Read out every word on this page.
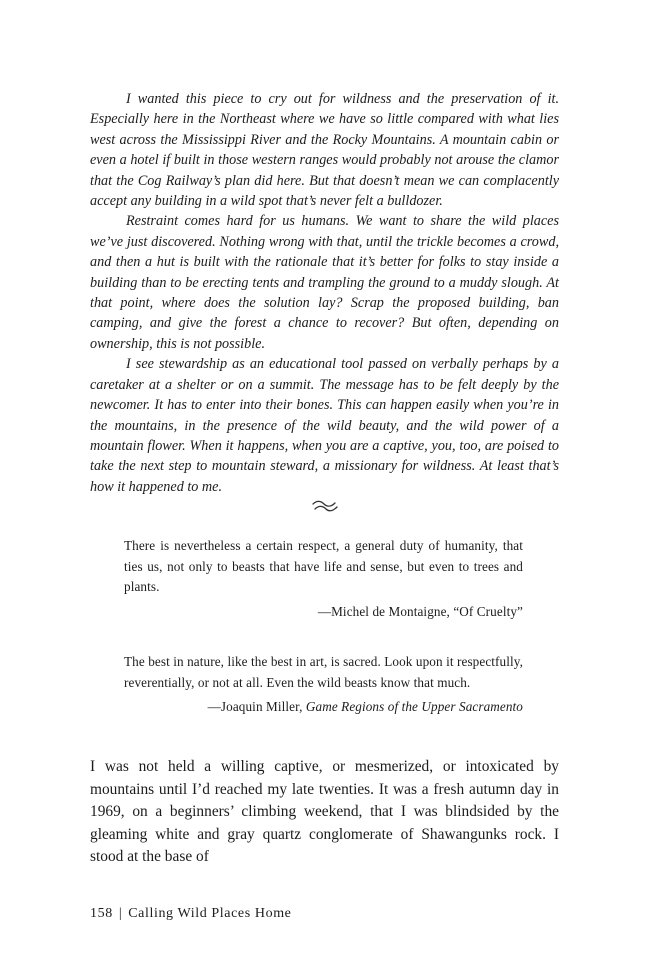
I wanted this piece to cry out for wildness and the preservation of it. Especially here in the Northeast where we have so little compared with what lies west across the Mississippi River and the Rocky Mountains. A mountain cabin or even a hotel if built in those western ranges would probably not arouse the clamor that the Cog Railway’s plan did here. But that doesn’t mean we can complacently accept any building in a wild spot that’s never felt a bulldozer.

Restraint comes hard for us humans. We want to share the wild places we’ve just discovered. Nothing wrong with that, until the trickle becomes a crowd, and then a hut is built with the rationale that it’s better for folks to stay inside a building than to be erecting tents and trampling the ground to a muddy slough. At that point, where does the solution lay? Scrap the proposed building, ban camping, and give the forest a chance to recover? But often, depending on ownership, this is not possible.

I see stewardship as an educational tool passed on verbally perhaps by a caretaker at a shelter or on a summit. The message has to be felt deeply by the newcomer. It has to enter into their bones. This can happen easily when you’re in the mountains, in the presence of the wild beauty, and the wild power of a mountain flower. When it happens, when you are a captive, you, too, are poised to take the next step to mountain steward, a missionary for wildness. At least that’s how it happened to me.

There is nevertheless a certain respect, a general duty of humanity, that ties us, not only to beasts that have life and sense, but even to trees and plants.

—Michel de Montaigne, “Of Cruelty”

The best in nature, like the best in art, is sacred. Look upon it respectfully, reverentially, or not at all. Even the wild beasts know that much.

—Joaquin Miller, Game Regions of the Upper Sacramento

I was not held a willing captive, or mesmerized, or intoxicated by mountains until I’d reached my late twenties. It was a fresh autumn day in 1969, on a beginners’ climbing weekend, that I was blindsided by the gleaming white and gray quartz conglomerate of Shawangunks rock. I stood at the base of

158 | Calling Wild Places Home
